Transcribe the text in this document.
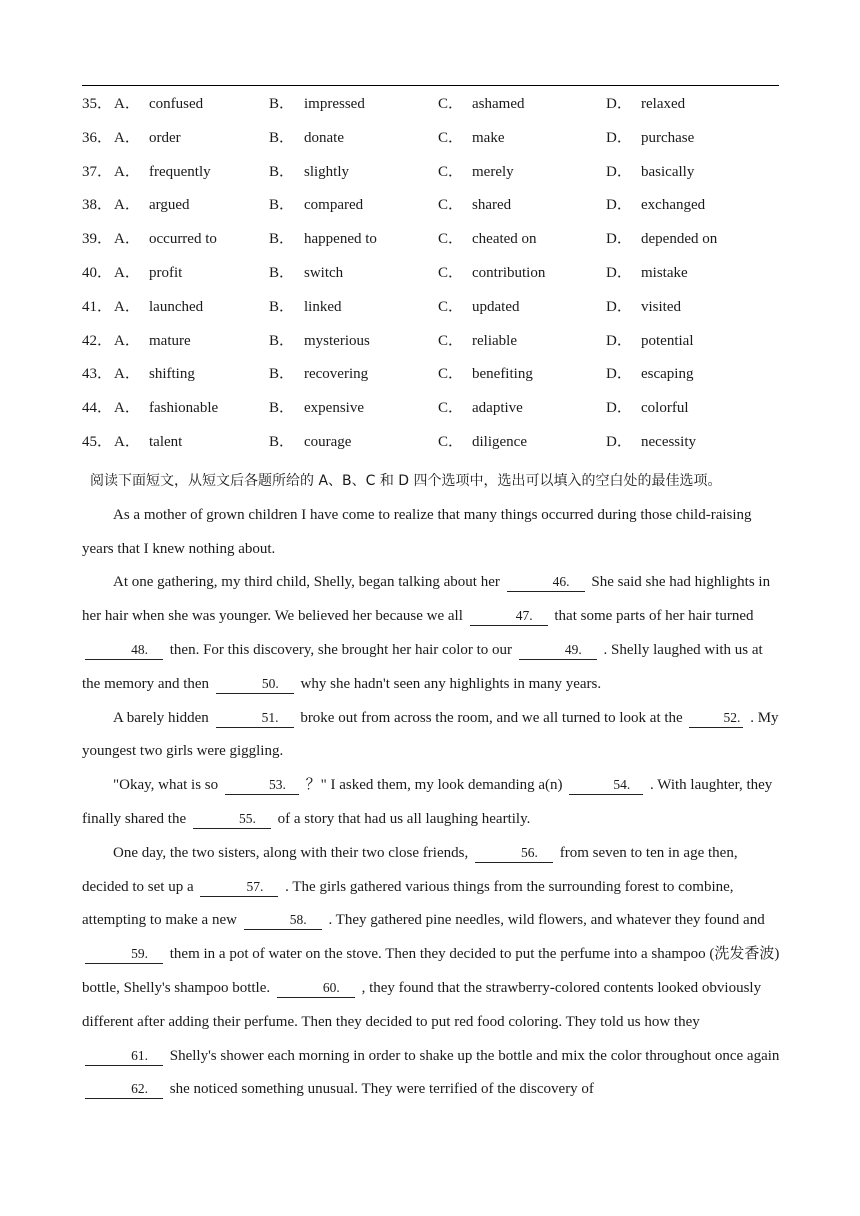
35． A． confused	B． impressed	C． ashamed	D． relaxed
36． A． order	B． donate	C． make	D． purchase
37． A． frequently	B． slightly	C． merely	D． basically
38． A． argued	B． compared	C． shared	D． exchanged
39． A． occurred to	B． happened to	C． cheated on	D． depended on
40． A． profit	B． switch	C． contribution	D． mistake
41． A． launched	B． linked	C． updated	D． visited
42． A． mature	B． mysterious	C． reliable	D． potential
43． A． shifting	B． recovering	C． benefiting	D． escaping
44． A． fashionable	B． expensive	C． adaptive	D． colorful
45． A． talent	B． courage	C． diligence	D． necessity

阅读下面短文，从短文后各题所给的 A、B、C 和 D 四个选项中，选出可以填入的空白处的最佳选项。

As a mother of grown children I have come to realize that many things occurred during those child-raising years that I knew nothing about.

At one gathering, my third child, Shelly, began talking about her	46. She said she had highlights in her hair when she was younger. We believed her because we all	47. that some parts of her hair turned 48. then. For this discovery, she brought her hair color to our	49. . Shelly laughed with us at the memory and then	50. why she hadn't seen any highlights in many years.

A barely hidden	51. broke out from across the room, and we all turned to look at the	52. . My youngest two girls were giggling.

"Okay, what is so	53. ？" I asked them, my look demanding a(n)	54. . With laughter, they finally shared the	55. of a story that had us all laughing heartily.

One day, the two sisters, along with their two close friends,	56. from seven to ten in age then, decided to set up a	57. . The girls gathered various things from the surrounding forest to combine, attempting to make a new	58. . They gathered pine needles, wild flowers, and whatever they found and 59. them in a pot of water on the stove. Then they decided to put the perfume into a shampoo (洗发香波) bottle, Shelly's shampoo bottle.	60. , they found that the strawberry-colored contents looked obviously different after adding their perfume. Then they decided to put red food coloring. They told us how they 61. Shelly's shower each morning in order to shake up the bottle and mix the color throughout once again 62. she noticed something unusual. They were terrified of the discovery of
